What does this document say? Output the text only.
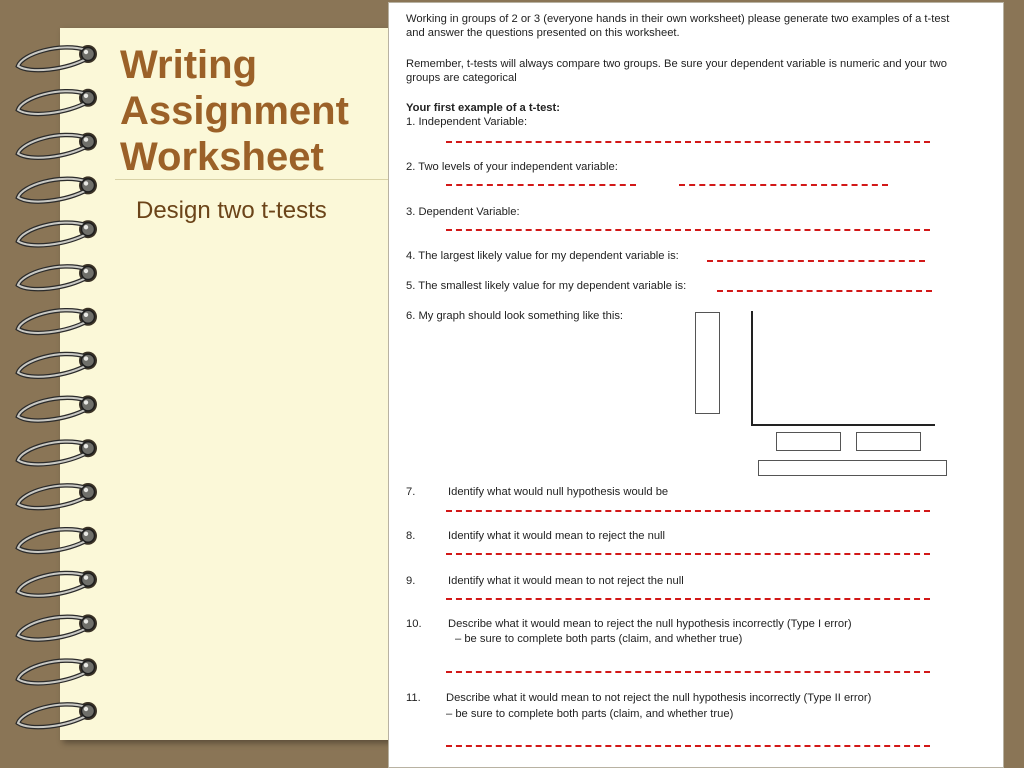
Writing
Assignment
Worksheet

Design two t-tests

Working in groups of 2 or 3 (everyone hands in their own worksheet) please generate two examples of a t-test

and answer the questions presented on this worksheet.

Remember, t-tests will always compare two groups. Be sure your dependent variable is numeric and your two

groups are categorical

Your first example of a t-test:

1. Independent Variable:

2. Two levels of your independent variable:

3. Dependent Variable:

4. The largest likely value for my dependent variable is:

5. The smallest likely value for my dependent variable is:

6. My graph should look something like this:

7.	Identify what would null hypothesis would be

8.	Identify what it would mean to reject the null

9.	Identify what it would mean to not reject the null

10. Describe what it would mean to reject the null hypothesis incorrectly (Type I error)

– be sure to complete both parts (claim, and whether true)

11. Describe what it would mean to not reject the null hypothesis incorrectly (Type II error)

– be sure to complete both parts (claim, and whether true)
